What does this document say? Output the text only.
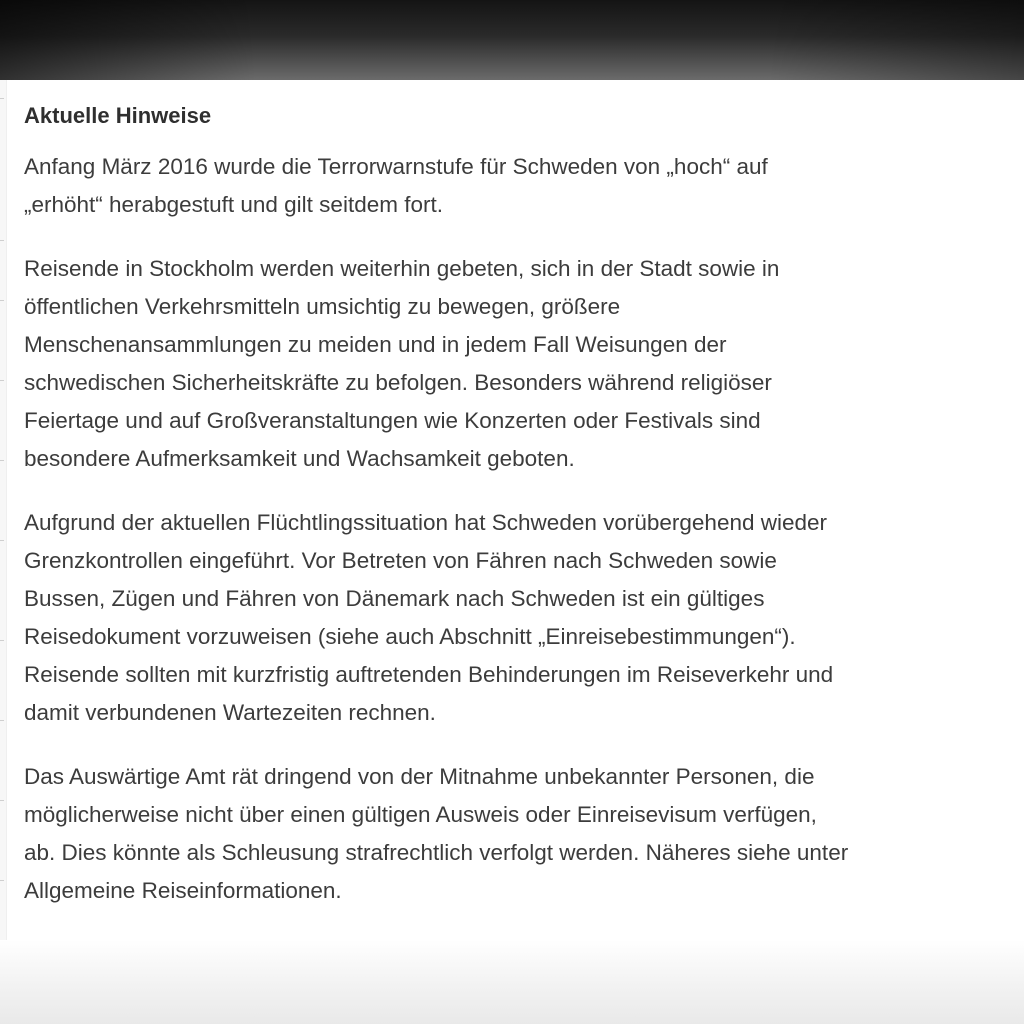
Aktuelle Hinweise
Anfang März 2016 wurde die Terrorwarnstufe für Schweden von „hoch“ auf
„erhöht“ herabgestuft und gilt seitdem fort.
Reisende in Stockholm werden weiterhin gebeten, sich in der Stadt sowie in
öffentlichen Verkehrsmitteln umsichtig zu bewegen, größere
Menschenansammlungen zu meiden und in jedem Fall Weisungen der
schwedischen Sicherheitskräfte zu befolgen. Besonders während religiöser
Feiertage und auf Großveranstaltungen wie Konzerten oder Festivals sind
besondere Aufmerksamkeit und Wachsamkeit geboten.
Aufgrund der aktuellen Flüchtlingssituation hat Schweden vorübergehend wieder
Grenzkontrollen eingeführt. Vor Betreten von Fähren nach Schweden sowie
Bussen, Zügen und Fähren von Dänemark nach Schweden ist ein gültiges
Reisedokument vorzuweisen (siehe auch Abschnitt „Einreisebestimmungen“).
Reisende sollten mit kurzfristig auftretenden Behinderungen im Reiseverkehr und
damit verbundenen Wartezeiten rechnen.
Das Auswärtige Amt rät dringend von der Mitnahme unbekannter Personen, die
möglicherweise nicht über einen gültigen Ausweis oder Einreisevisum verfügen,
ab. Dies könnte als Schleusung strafrechtlich verfolgt werden. Näheres siehe unter
Allgemeine Reiseinformationen.
